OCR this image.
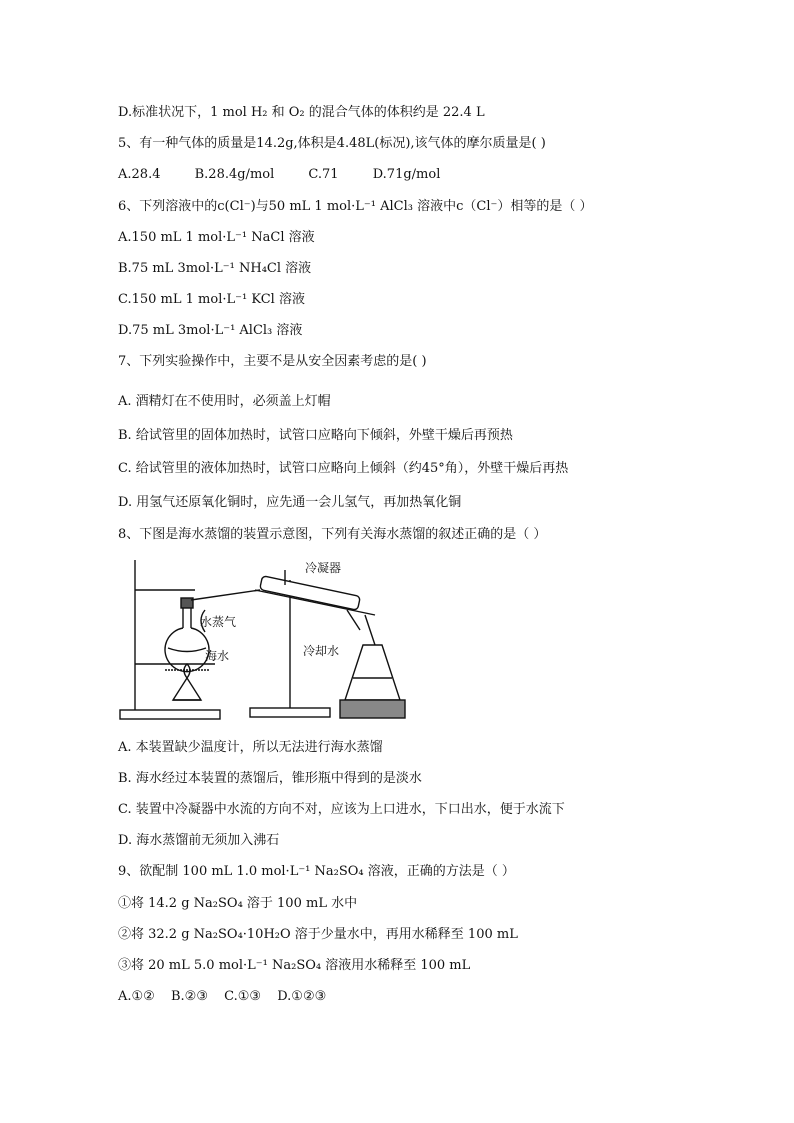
D.标准状况下，1 mol H₂ 和 O₂ 的混合气体的体积约是 22.4 L
5、有一种气体的质量是14.2g,体积是4.48L(标况),该气体的摩尔质量是( )
A.28.4	B.28.4g/mol	C.71	D.71g/mol
6、下列溶液中的c(Cl⁻)与50 mL 1 mol·L⁻¹ AlCl₃ 溶液中c（Cl⁻）相等的是（ ）
A.150 mL 1 mol·L⁻¹ NaCl 溶液
B.75 mL 3mol·L⁻¹ NH₄Cl 溶液
C.150 mL 1 mol·L⁻¹ KCl 溶液
D.75 mL 3mol·L⁻¹ AlCl₃ 溶液
7、下列实验操作中，主要不是从安全因素考虑的是( )
A. 酒精灯在不使用时，必须盖上灯帽
B. 给试管里的固体加热时，试管口应略向下倾斜，外壁干燥后再预热
C. 给试管里的液体加热时，试管口应略向上倾斜（约45°角），外壁干燥后再热
D. 用氢气还原氧化铜时，应先通一会儿氢气，再加热氧化铜
8、下图是海水蒸馏的装置示意图，下列有关海水蒸馏的叙述正确的是（ ）
水蒸气
海水
冷凝器
冷却水
A. 本装置缺少温度计，所以无法进行海水蒸馏
B. 海水经过本装置的蒸馏后，锥形瓶中得到的是淡水
C. 装置中冷凝器中水流的方向不对，应该为上口进水，下口出水，便于水流下
D. 海水蒸馏前无须加入沸石
9、欲配制 100 mL 1.0 mol·L⁻¹ Na₂SO₄ 溶液，正确的方法是（ ）
①将 14.2 g Na₂SO₄ 溶于 100 mL 水中
②将 32.2 g Na₂SO₄·10H₂O 溶于少量水中，再用水稀释至 100 mL
③将 20 mL 5.0 mol·L⁻¹ Na₂SO₄ 溶液用水稀释至 100 mL
A.①② B.②③ C.①③ D.①②③
